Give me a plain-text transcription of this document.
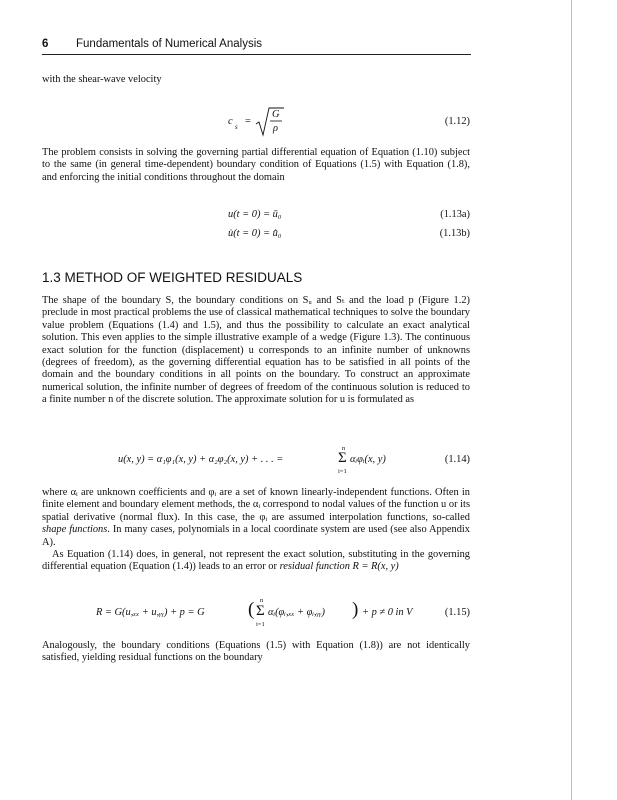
6 Fundamentals of Numerical Analysis
with the shear-wave velocity
c s =
G
ρ
(1.12)
The problem consists in solving the governing partial differential equation of Equation (1.10) subject to the same (in general time-dependent) boundary condition of Equations (1.5) with Equation (1.8), and enforcing the initial conditions throughout the domain
u(t = 0) = ū₀	(1.13a)
u̇(t = 0) = u̇̄₀	(1.13b)
1.3 METHOD OF WEIGHTED RESIDUALS
The shape of the boundary S, the boundary conditions on Sᵤ and Sₜ and the load p (Figure 1.2) preclude in most practical problems the use of classical mathematical techniques to solve the boundary value problem (Equations (1.4) and 1.5), and thus the possibility to calculate an exact analytical solution. This even applies to the simple illustrative example of a wedge (Figure 1.3). The continuous exact solution for the function (displacement) u corresponds to an infinite number of unknowns (degrees of freedom), as the governing differential equation has to be satisfied in all points of the domain and the boundary conditions in all points on the boundary. To construct an approximate numerical solution, the infinite number of degrees of freedom of the continuous solution is reduced to a finite number n of the discrete solution. The approximate solution for u is formulated as
u(x, y) = α₁φ₁(x, y) + α₂φ₂(x, y) + . . . =
n
Σ
i=1
αᵢφᵢ(x, y)	(1.14)
where αᵢ are unknown coefficients and φᵢ are a set of known linearly-independent functions. Often in finite element and boundary element methods, the αᵢ correspond to nodal values of the function u or its spatial derivative (normal flux). In this case, the φᵢ are assumed interpolation functions, so-called shape functions. In many cases, polynomials in a local coordinate system are used (see also Appendix A).
As Equation (1.14) does, in general, not represent the exact solution, substituting in the governing differential equation (Equation (1.4)) leads to an error or residual function R = R(x, y)
R = G(u,ₓₓ + u,ᵧᵧ) + p = G ( n
Σ
i=1
αᵢ(φᵢ,ₓₓ + φᵢ,ᵧᵧ) ) + p ≠ 0 in V	(1.15)
Analogously, the boundary conditions (Equations (1.5) with Equation (1.8)) are not identically satisfied, yielding residual functions on the boundary
